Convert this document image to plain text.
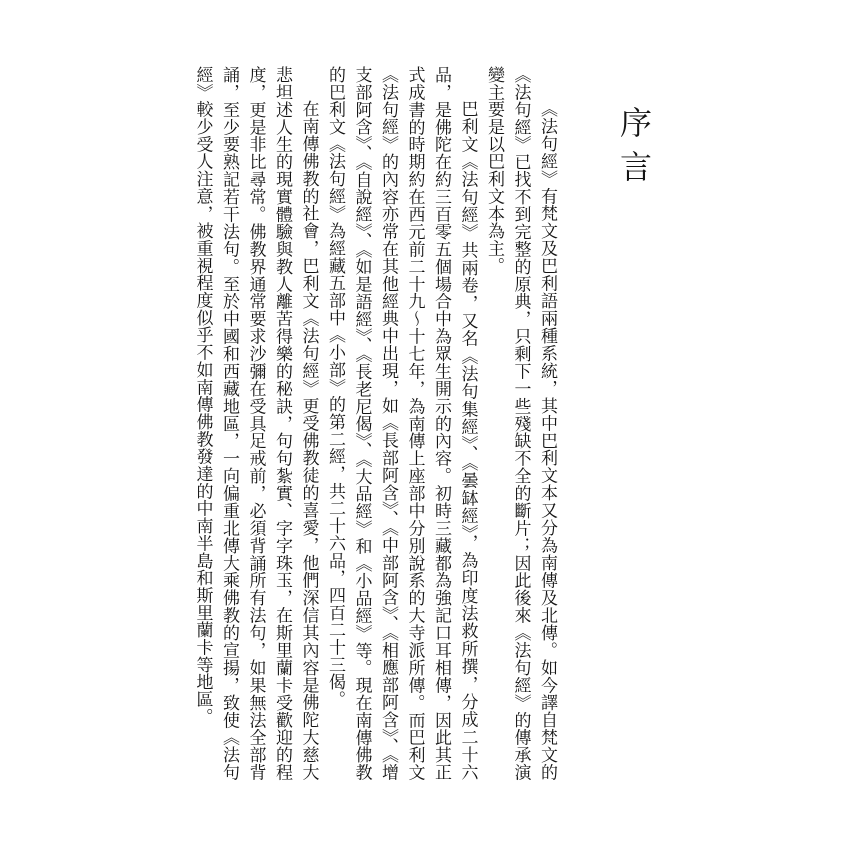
序言

《法句經》有梵文及巴利語兩種系統，其中巴利文本又分為南傳及北傳。如今譯自梵文的《法句經》已找不到完整的原典，只剩下一些殘缺不全的斷片；因此後來《法句經》的傳承演變主要是以巴利文本為主。

巴利文《法句經》共兩卷，又名《法句集經》、《曇缽經》，為印度法救所撰，分成二十六品，是佛陀在約三百零五個場合中為眾生開示的內容。初時三藏都為強記口耳相傳，因此其正式成書的時期約在西元前二十九～十七年，為南傳上座部中分別說系的大寺派所傳。而巴利文《法句經》的內容亦常在其他經典中出現，如《長部阿含》、《中部阿含》、《相應部阿含》、《增支部阿含》、《自說經》、《如是語經》、《長老尼偈》、《大品經》和《小品經》等。現在南傳佛教的巴利文《法句經》為經藏五部中《小部》的第二經，共二十六品，四百二十三偈。

在南傳佛教的社會，巴利文《法句經》更受佛教徒的喜愛，他們深信其內容是佛陀大慈大悲坦述人生的現實體驗與教人離苦得樂的秘訣，句句紮實、字字珠玉，在斯里蘭卡受歡迎的程度，更是非比尋常。佛教界通常要求沙彌在受具足戒前，必須背誦所有法句，如果無法全部背誦，至少要熟記若干法句。至於中國和西藏地區，一向偏重北傳大乘佛教的宣揚，致使《法句經》較少受人注意，被重視程度似乎不如南傳佛教發達的中南半島和斯里蘭卡等地區。
